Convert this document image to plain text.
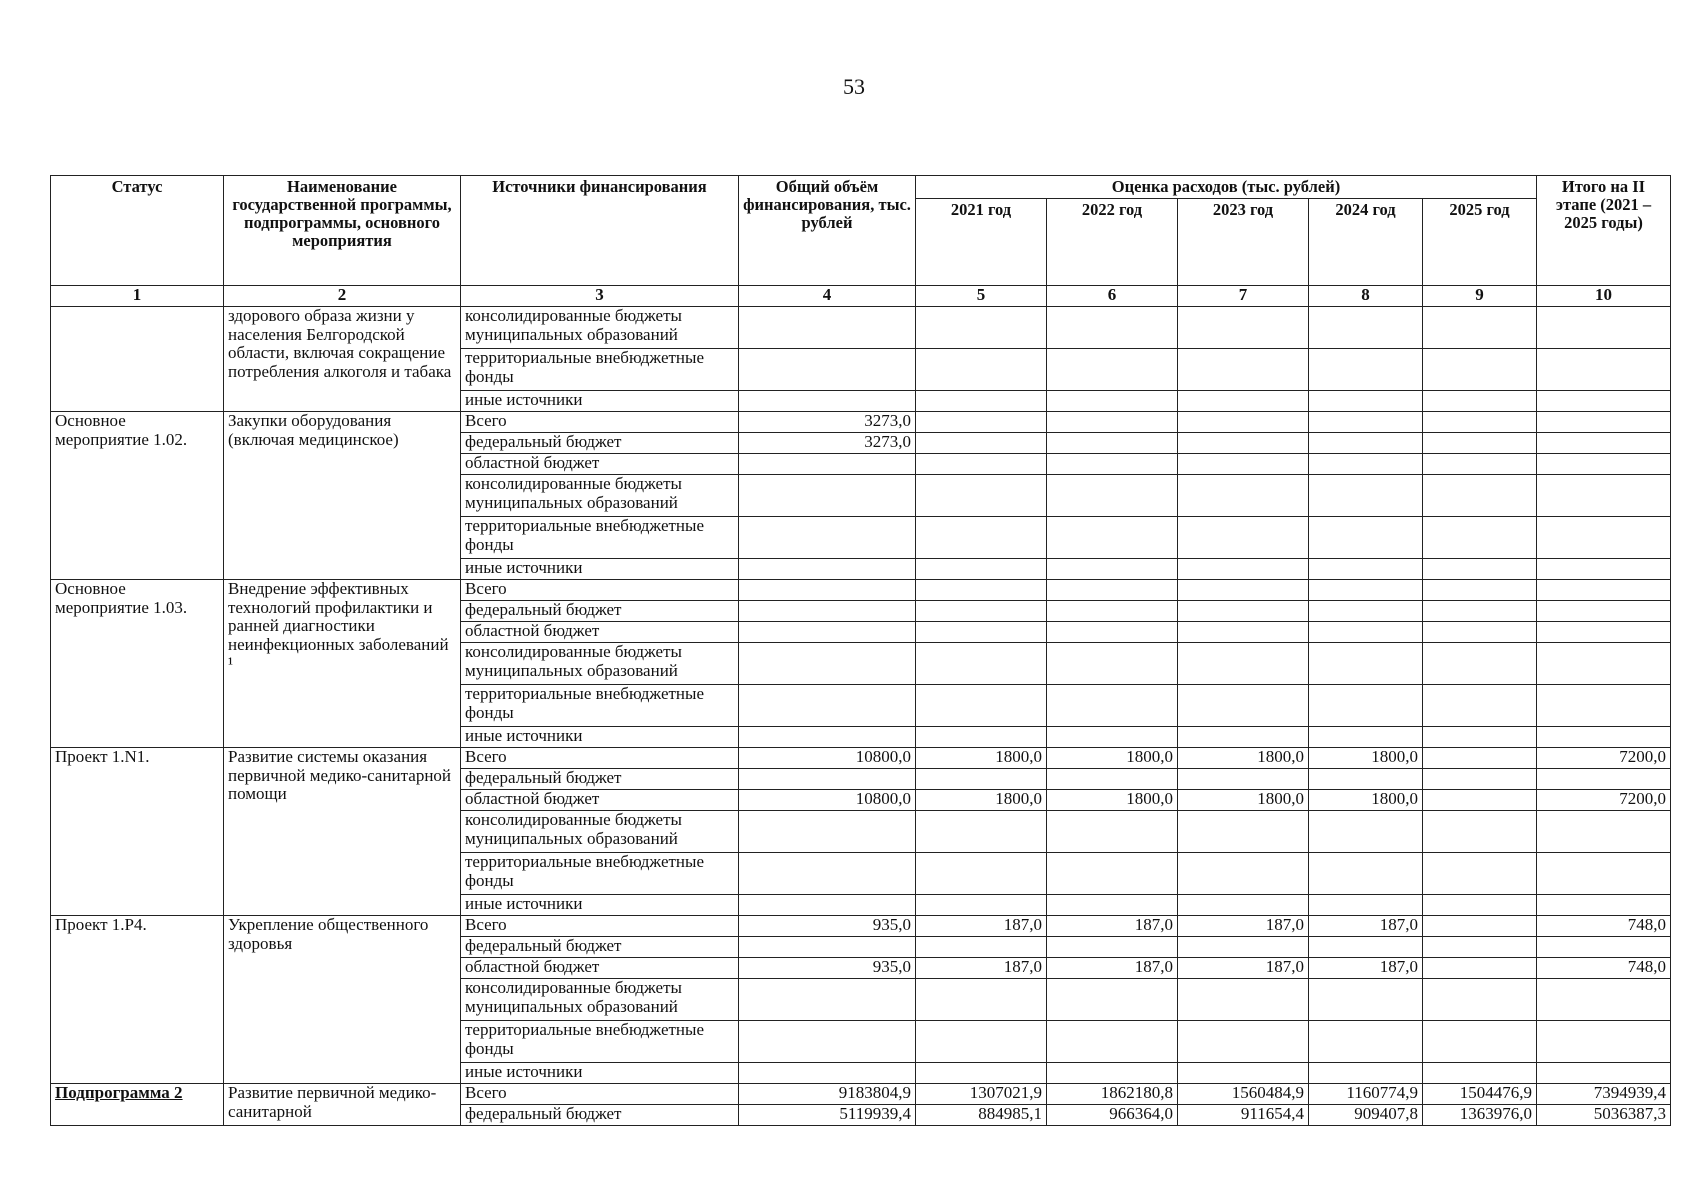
53
Статус	Наименование государственной программы, подпрограммы, основного мероприятия	Источники финансирования	Общий объём финансирования, тыс. рублей	Оценка расходов (тыс. рублей)					Итого на II этапе (2021 – 2025 годы)
				2021 год	2022 год	2023 год	2024 год	2025 год	
1	2	3	4	5	6	7	8	9	10
	здорового образа жизни у населения Белгородской области, включая сокращение потребления алкоголя и табака	консолидированные бюджеты муниципальных образований							
		территориальные внебюджетные фонды							
		иные источники							
Основное мероприятие 1.02.	Закупки оборудования (включая медицинское)	Всего	3273,0						
		федеральный бюджет	3273,0						
		областной бюджет							
		консолидированные бюджеты муниципальных образований							
		территориальные внебюджетные фонды							
		иные источники							
Основное мероприятие 1.03.	Внедрение эффективных технологий профилактики и ранней диагностики неинфекционных заболеваний ¹	Всего							
		федеральный бюджет							
		областной бюджет							
		консолидированные бюджеты муниципальных образований							
		территориальные внебюджетные фонды							
		иные источники							
Проект 1.N1.	Развитие системы оказания первичной медико-санитарной помощи	Всего	10800,0	1800,0	1800,0	1800,0	1800,0		7200,0
		федеральный бюджет							
		областной бюджет	10800,0	1800,0	1800,0	1800,0	1800,0		7200,0
		консолидированные бюджеты муниципальных образований							
		территориальные внебюджетные фонды							
		иные источники							
Проект 1.Р4.	Укрепление общественного здоровья	Всего	935,0	187,0	187,0	187,0	187,0		748,0
		федеральный бюджет							
		областной бюджет	935,0	187,0	187,0	187,0	187,0		748,0
		консолидированные бюджеты муниципальных образований							
		территориальные внебюджетные фонды							
		иные источники							
Подпрограмма 2	Развитие первичной медико-санитарной	Всего	9183804,9	1307021,9	1862180,8	1560484,9	1160774,9	1504476,9	7394939,4
		федеральный бюджет	5119939,4	884985,1	966364,0	911654,4	909407,8	1363976,0	5036387,3
